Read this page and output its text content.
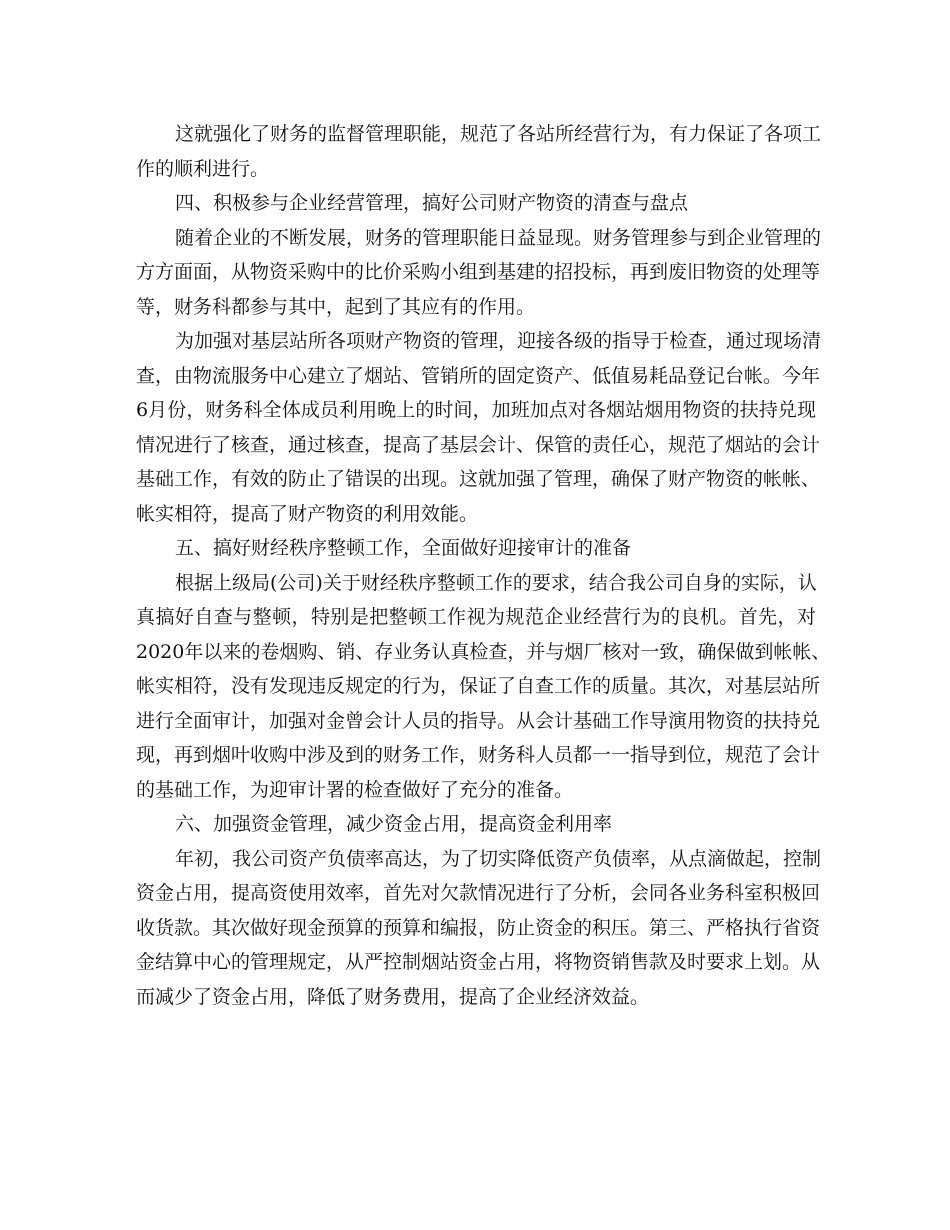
这就强化了财务的监督管理职能，规范了各站所经营行为，有力保证了各项工
作的顺利进行。
四、积极参与企业经营管理，搞好公司财产物资的清查与盘点
随着企业的不断发展，财务的管理职能日益显现。财务管理参与到企业管理的
方方面面，从物资采购中的比价采购小组到基建的招投标，再到废旧物资的处理等
等，财务科都参与其中，起到了其应有的作用。
为加强对基层站所各项财产物资的管理，迎接各级的指导于检查，通过现场清
查，由物流服务中心建立了烟站、管销所的固定资产、低值易耗品登记台帐。今年
6月份，财务科全体成员利用晚上的时间，加班加点对各烟站烟用物资的扶持兑现
情况进行了核查，通过核查，提高了基层会计、保管的责任心，规范了烟站的会计
基础工作，有效的防止了错误的出现。这就加强了管理，确保了财产物资的帐帐、
帐实相符，提高了财产物资的利用效能。
五、搞好财经秩序整顿工作，全面做好迎接审计的准备
根据上级局(公司)关于财经秩序整顿工作的要求，结合我公司自身的实际，认
真搞好自查与整顿，特别是把整顿工作视为规范企业经营行为的良机。首先，对
2020年以来的卷烟购、销、存业务认真检查，并与烟厂核对一致，确保做到帐帐、
帐实相符，没有发现违反规定的行为，保证了自查工作的质量。其次，对基层站所
进行全面审计，加强对金曾会计人员的指导。从会计基础工作导演用物资的扶持兑
现，再到烟叶收购中涉及到的财务工作，财务科人员都一一指导到位，规范了会计
的基础工作，为迎审计署的检查做好了充分的准备。
六、加强资金管理，减少资金占用，提高资金利用率
年初，我公司资产负债率高达，为了切实降低资产负债率，从点滴做起，控制
资金占用，提高资使用效率，首先对欠款情况进行了分析，会同各业务科室积极回
收货款。其次做好现金预算的预算和编报，防止资金的积压。第三、严格执行省资
金结算中心的管理规定，从严控制烟站资金占用，将物资销售款及时要求上划。从
而减少了资金占用，降低了财务费用，提高了企业经济效益。
